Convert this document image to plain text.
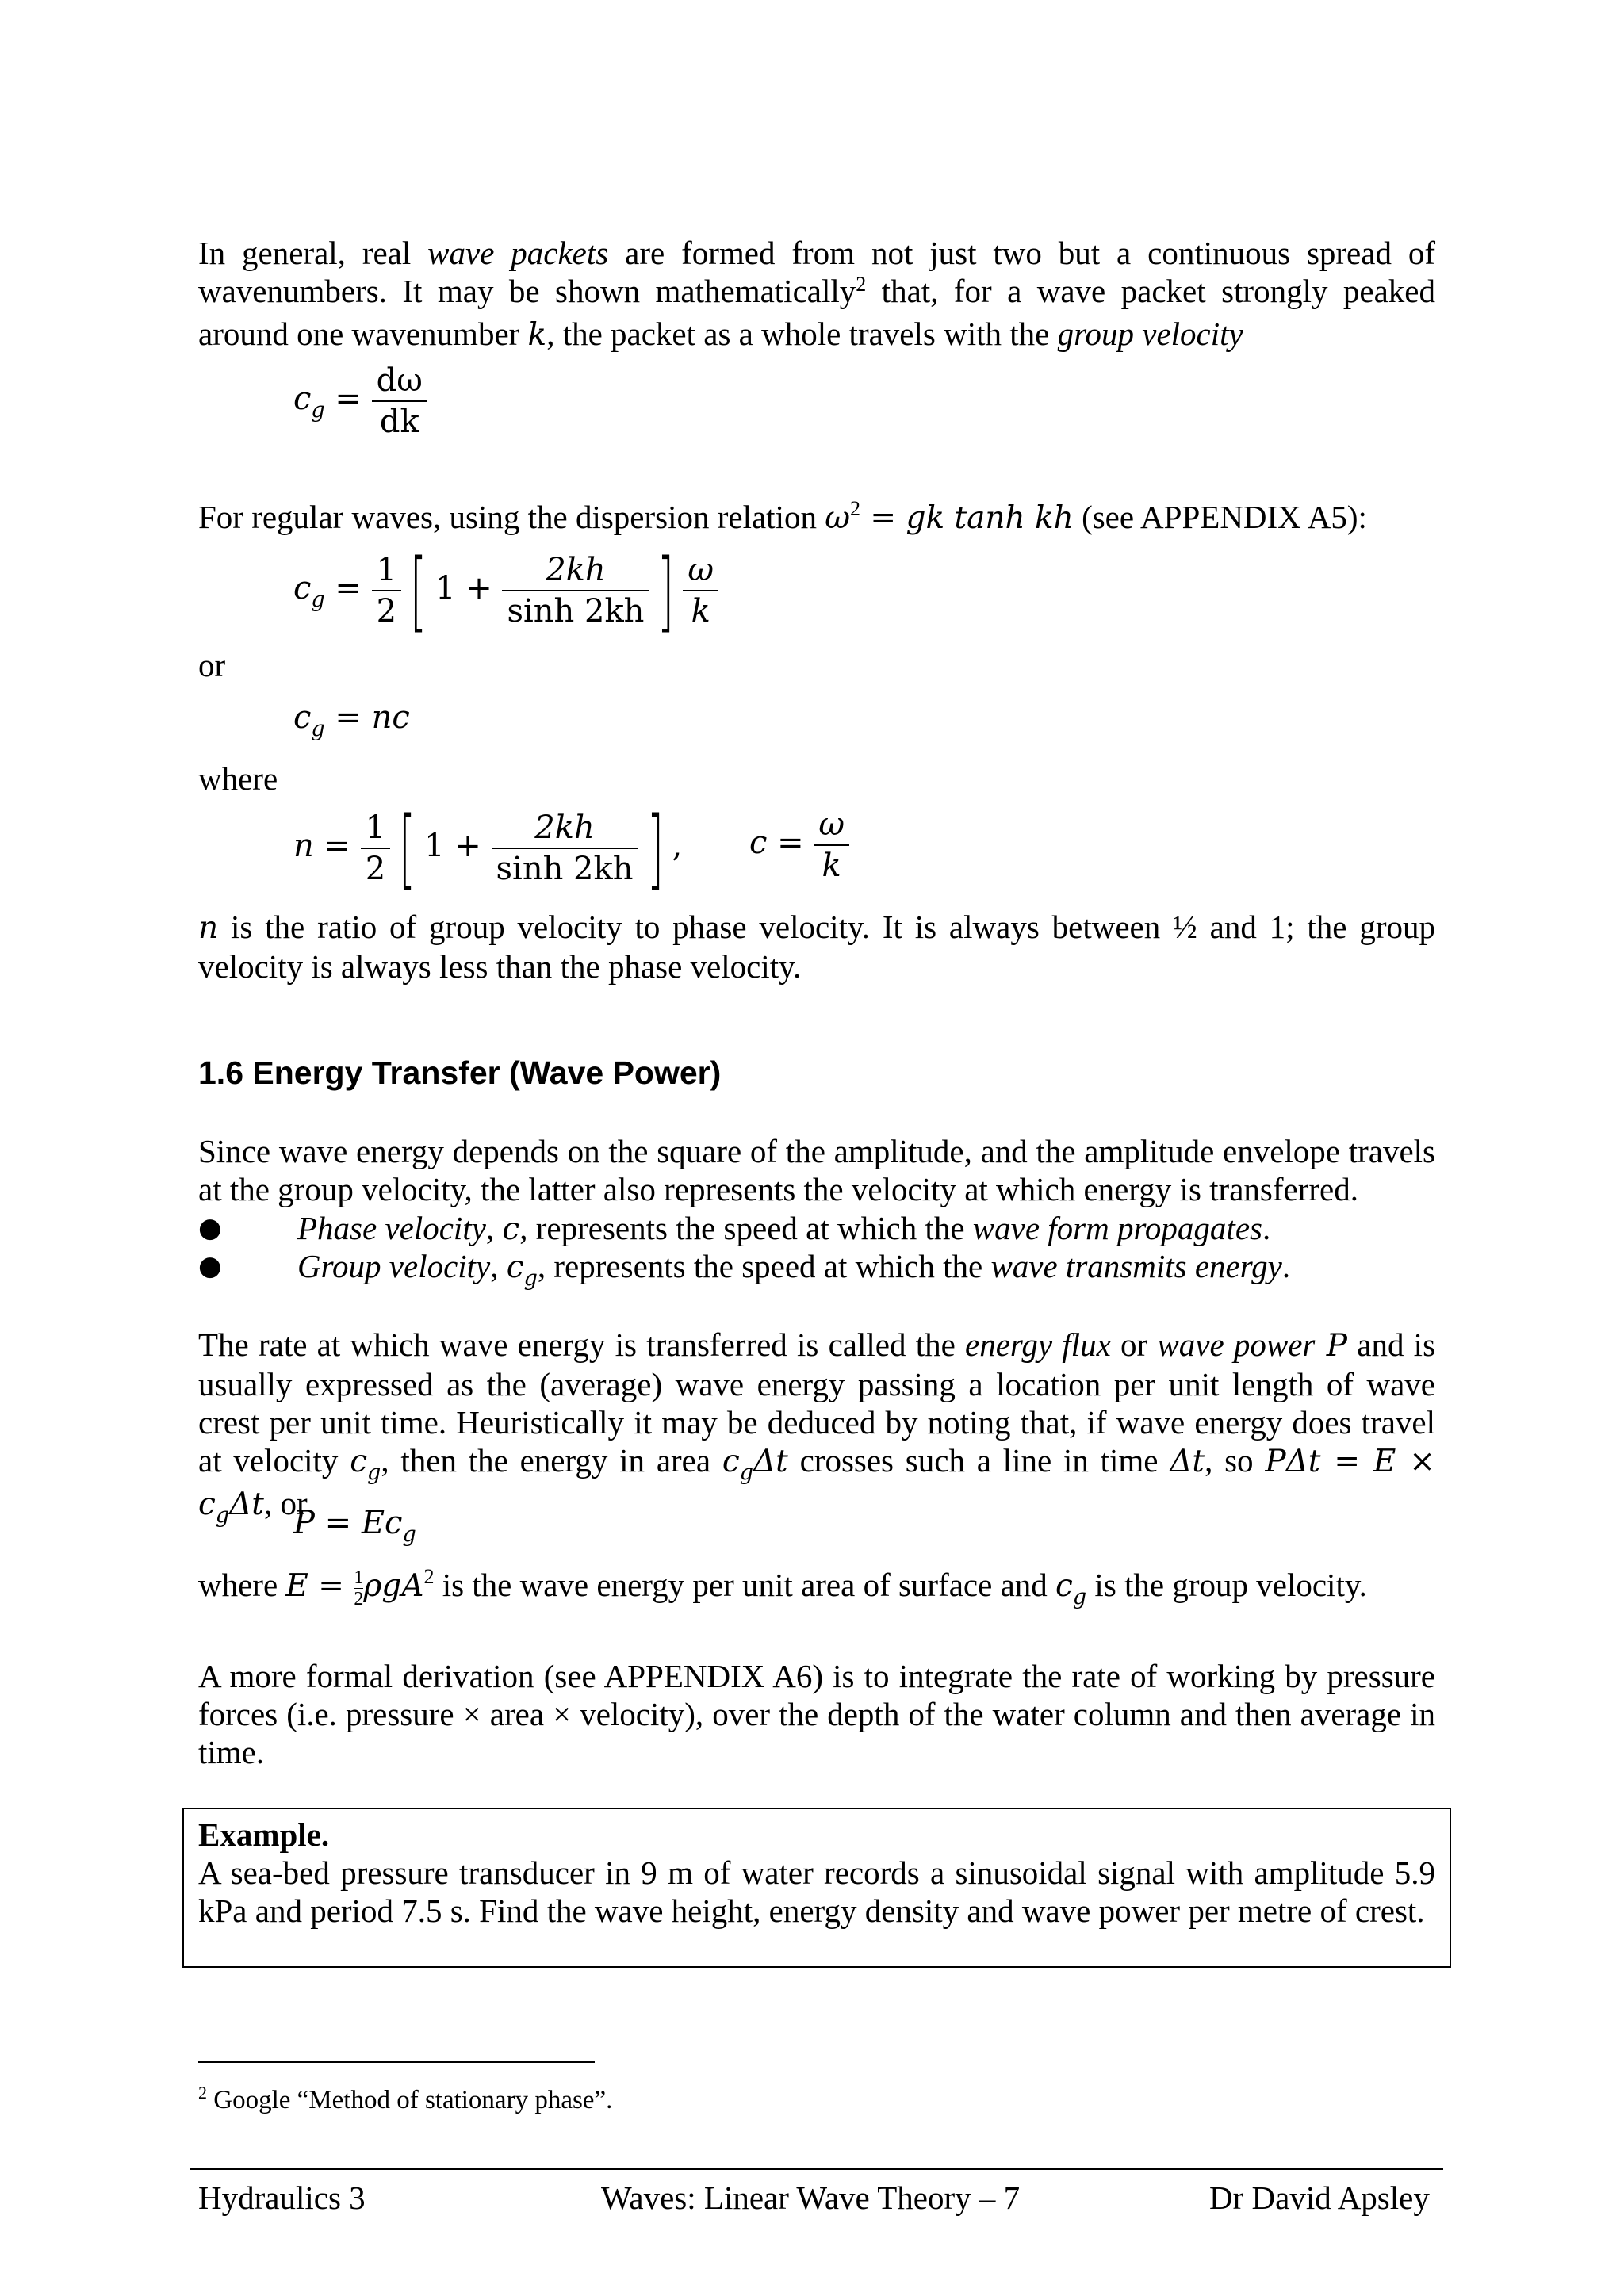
In general, real wave packets are formed from not just two but a continuous spread of wavenumbers. It may be shown mathematically$^2$ that, for a wave packet strongly peaked around one wavenumber k, the packet as a whole travels with the group velocity

$c_g = \frac{d\omega}{dk}$

For regular waves, using the dispersion relation $\omega^2$ = gk tanh kh (see APPENDIX A5):

$c_g = \frac{1}{2}$ [ $1 + \frac{2kh}{\sinh 2kh}$ ] $\frac{\omega}{k}$

or

$c_g$ = nc

where

$n = \frac{1}{2}$ [ $1 + \frac{2kh}{\sinh 2kh}$ ] , $c = \frac{\omega}{k}$

n is the ratio of group velocity to phase velocity. It is always between ½ and 1; the group velocity is always less than the phase velocity.

1.6 Energy Transfer (Wave Power)

Since wave energy depends on the square of the amplitude, and the amplitude envelope travels at the group velocity, the latter also represents the velocity at which energy is transferred.

● Phase velocity, c, represents the speed at which the wave form propagates.
● Group velocity, $c_g$, represents the speed at which the wave transmits energy.

The rate at which wave energy is transferred is called the energy flux or wave power P and is usually expressed as the (average) wave energy passing a location per unit length of wave crest per unit time. Heuristically it may be deduced by noting that, if wave energy does travel at velocity $c_g$, then the energy in area $c_g\Delta t$ crosses such a line in time Δt, so $P\Delta t = E \times c_g\Delta t$, or

$P = Ec_g$

where $E = \frac{1}{2} \rho gA^2$ is the wave energy per unit area of surface and $c_g$ is the group velocity.

A more formal derivation (see APPENDIX A6) is to integrate the rate of working by pressure forces (i.e. pressure × area × velocity), over the depth of the water column and then average in time.

Example.
A sea-bed pressure transducer in 9 m of water records a sinusoidal signal with amplitude 5.9 kPa and period 7.5 s. Find the wave height, energy density and wave power per metre of crest.
$^2$ Google “Method of stationary phase”.
Hydraulics 3	Waves: Linear Wave Theory – 7	Dr David Apsley
